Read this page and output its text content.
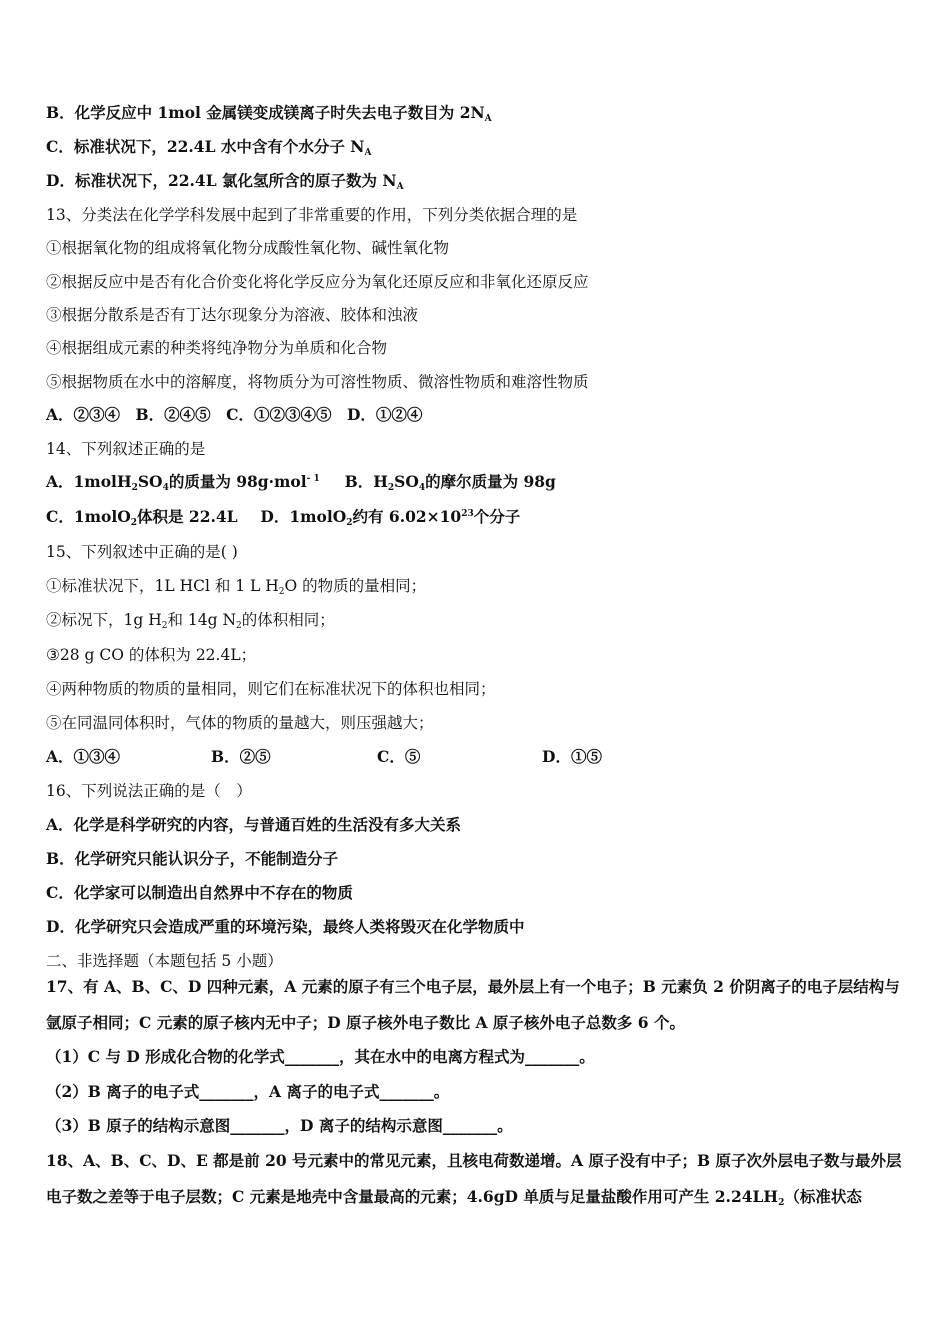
B．化学反应中 1mol 金属镁变成镁离子时失去电子数目为 $2N_A$
C．标准状况下，22.4L 水中含有个水分子 $N_A$
D．标准状况下，22.4L 氯化氢所含的原子数为 $N_A$
13、分类法在化学学科发展中起到了非常重要的作用，下列分类依据合理的是
①根据氧化物的组成将氧化物分成酸性氧化物、碱性氧化物
②根据反应中是否有化合价变化将化学反应分为氧化还原反应和非氧化还原反应
③根据分散系是否有丁达尔现象分为溶液、胶体和浊液
④根据组成元素的种类将纯净物分为单质和化合物
⑤根据物质在水中的溶解度，将物质分为可溶性物质、微溶性物质和难溶性物质
A．②③④　B．②④⑤　C．①②③④⑤　D．①②④
14、下列叙述正确的是
A．$1molH_2SO_4$的质量为 98g·mol$^{- 1}$ B．$H_2SO_4$的摩尔质量为 98g
C．1molO$_2$体积是 22.4L D．1molO$_2$约有 $6.02\times 10^{23}$个分子
15、下列叙述中正确的是( )
①标准状况下，1L HCl 和 1 L $H_2O$ 的物质的量相同；
②标况下，1g $H_2$和 14g $N_2$的体积相同；
③28 g CO 的体积为 22.4L；
④两种物质的物质的量相同，则它们在标准状况下的体积也相同；
⑤在同温同体积时，气体的物质的量越大，则压强越大；
A．①③④	B．②⑤	C．⑤	D．①⑤
16、下列说法正确的是（　）
A．化学是科学研究的内容，与普通百姓的生活没有多大关系
B．化学研究只能认识分子，不能制造分子
C．化学家可以制造出自然界中不存在的物质
D．化学研究只会造成严重的环境污染，最终人类将毁灭在化学物质中
二、非选择题（本题包括 5 小题）
17、有 A、B、C、D 四种元素，A 元素的原子有三个电子层，最外层上有一个电子；B 元素负 2 价阴离子的电子层结构与
氩原子相同；C 元素的原子核内无中子；D 原子核外电子数比 A 原子核外电子总数多 6 个。
（1）C 与 D 形成化合物的化学式_______，其在水中的电离方程式为_______。
（2）B 离子的电子式_______，A 离子的电子式_______。
（3）B 原子的结构示意图_______，D 离子的结构示意图_______。
18、A、B、C、D、E 都是前 20 号元素中的常见元素，且核电荷数递增。A 原子没有中子；B 原子次外层电子数与最外层
电子数之差等于电子层数；C 元素是地壳中含量最高的元素；4.6gD 单质与足量盐酸作用可产生 $2.24LH_2$（标准状态
